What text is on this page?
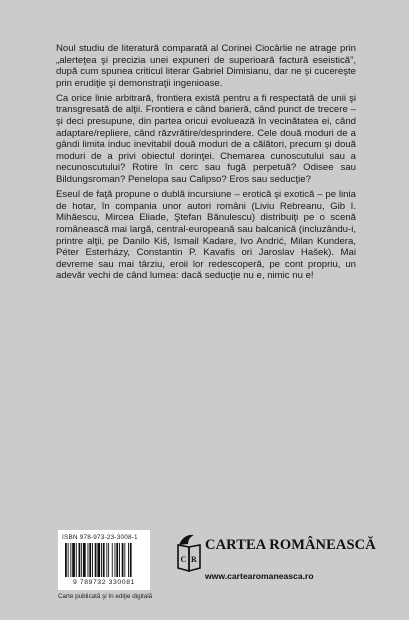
Noul studiu de literatură comparată al Corinei Ciocârlie ne atrage prin „alerteţea şi precizia unei expuneri de superioară factură eseistică”, după cum spunea criticul literar Gabriel Dimisianu, dar ne şi cucereşte prin erudiţie şi demonstraţii ingenioase.

Ca orice linie arbitrară, frontiera există pentru a fi respectată de unii şi transgresată de alţii. Frontiera e când barieră, când punct de trecere – şi deci presupune, din partea oricui evoluează în vecinătatea ei, când adaptare/repliere, când răzvrătire/desprindere. Cele două moduri de a gândi limita induc inevitabil două moduri de a călători, precum şi două moduri de a privi obiectul dorinţei. Chemarea cunoscutului sau a necunoscutului? Rotire în cerc sau fugă perpetuă? Odisee sau Bildungsroman? Penelopa sau Calipso? Eros sau seducţie?

Eseul de faţă propune o dublă incursiune – erotică şi exotică – pe linia de hotar, în compania unor autori români (Liviu Rebreanu, Gib I. Mihăescu, Mircea Eliade, Ştefan Bănulescu) distribuiţi pe o scenă românească mai largă, central-europeană sau balcanică (incluzându-i, printre alţii, pe Danilo Kiš, Ismail Kadare, Ivo Andrić, Milan Kundera, Péter Esterházy, Constantin P. Kavafis ori Jaroslav Hašek). Mai devreme sau mai târziu, eroii lor redescoperă, pe cont propriu, un adevăr vechi de când lumea: dacă seducţie nu e, nimic nu e!

ISBN 978-973-23-3008-1
9 789732 330081
Carte publicată şi în ediţie digitală
C R
CARTEA ROMÂNEASCĂ
www.cartearomaneasca.ro
